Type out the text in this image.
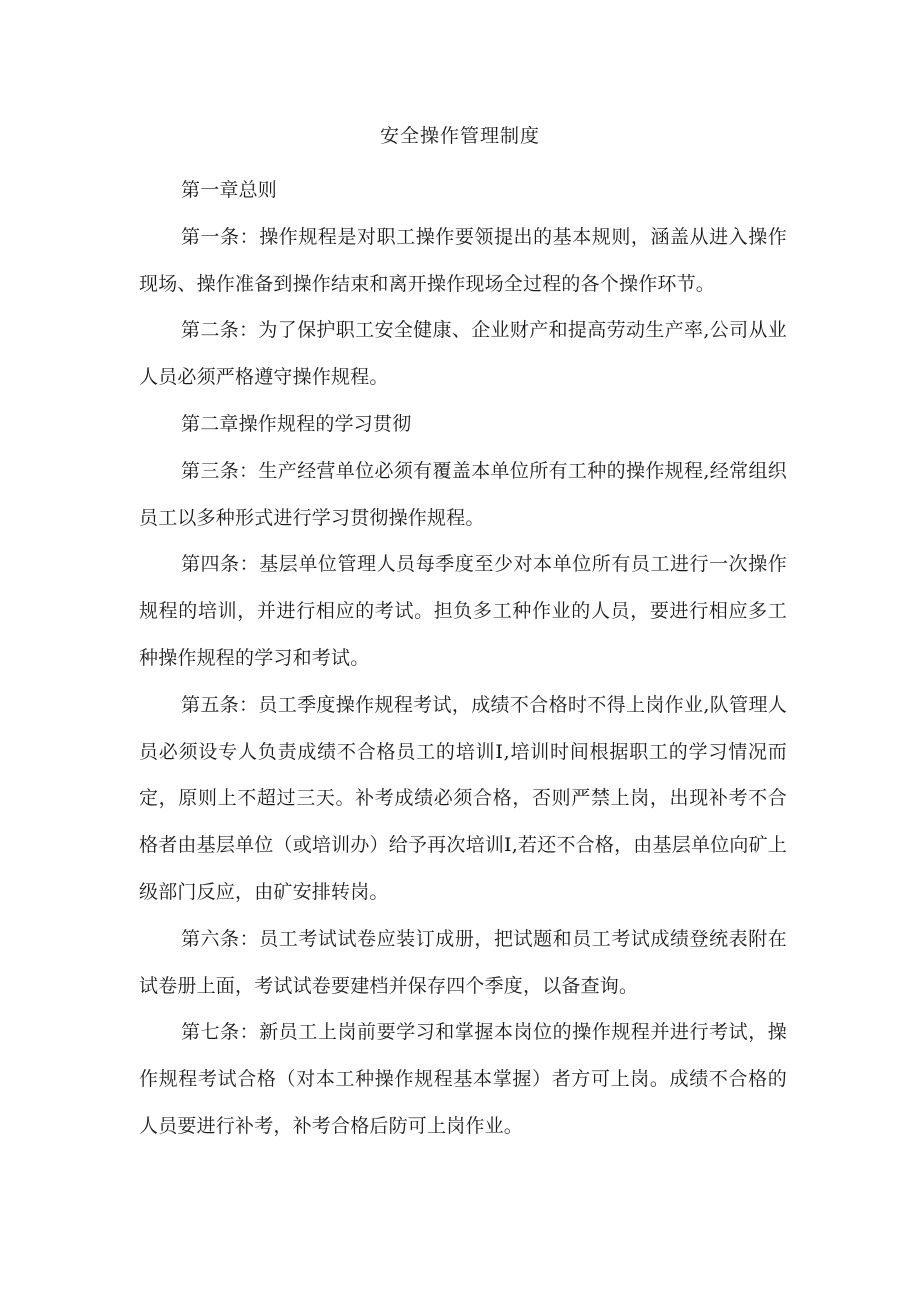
安全操作管理制度

第一章总则

第一条：操作规程是对职工操作要领提出的基本规则，涵盖从进入操作现场、操作准备到操作结束和离开操作现场全过程的各个操作环节。

第二条：为了保护职工安全健康、企业财产和提高劳动生产率,公司从业人员必须严格遵守操作规程。

第二章操作规程的学习贯彻

第三条：生产经营单位必须有覆盖本单位所有工种的操作规程,经常组织员工以多种形式进行学习贯彻操作规程。

第四条：基层单位管理人员每季度至少对本单位所有员工进行一次操作规程的培训，并进行相应的考试。担负多工种作业的人员，要进行相应多工种操作规程的学习和考试。

第五条：员工季度操作规程考试，成绩不合格时不得上岗作业,队管理人员必须设专人负责成绩不合格员工的培训Ⅰ,培训时间根据职工的学习情况而定，原则上不超过三天。补考成绩必须合格，否则严禁上岗，出现补考不合格者由基层单位（或培训办）给予再次培训Ⅰ,若还不合格，由基层单位向矿上级部门反应，由矿安排转岗。

第六条：员工考试试卷应装订成册，把试题和员工考试成绩登统表附在试卷册上面，考试试卷要建档并保存四个季度，以备查询。

第七条：新员工上岗前要学习和掌握本岗位的操作规程并进行考试，操作规程考试合格（对本工种操作规程基本掌握）者方可上岗。成绩不合格的人员要进行补考，补考合格后防可上岗作业。
